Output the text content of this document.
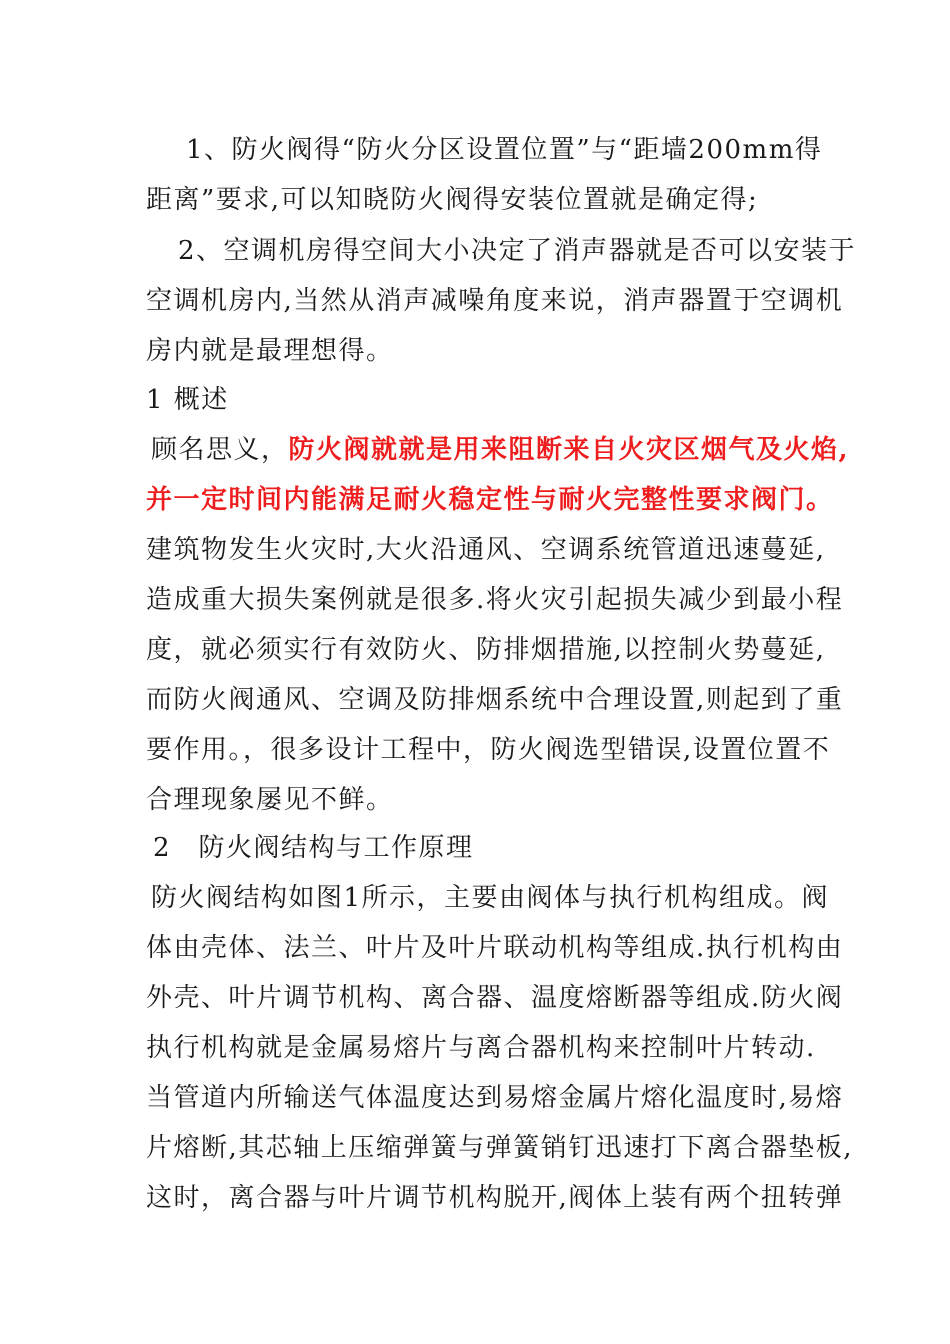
1、防火阀得“防火分区设置位置”与“距墙200mm得
距离”要求,可以知晓防火阀得安装位置就是确定得;
2、空调机房得空间大小决定了消声器就是否可以安装于
空调机房内,当然从消声减噪角度来说，消声器置于空调机
房内就是最理想得。
1 概述
顾名思义，防火阀就就是用来阻断来自火灾区烟气及火焰,
并一定时间内能满足耐火稳定性与耐火完整性要求阀门。
建筑物发生火灾时,大火沿通风、空调系统管道迅速蔓延,
造成重大损失案例就是很多.将火灾引起损失减少到最小程
度，就必须实行有效防火、防排烟措施,以控制火势蔓延,
而防火阀通风、空调及防排烟系统中合理设置,则起到了重
要作用。，很多设计工程中，防火阀选型错误,设置位置不
合理现象屡见不鲜。
2　防火阀结构与工作原理
防火阀结构如图1所示，主要由阀体与执行机构组成。阀
体由壳体、法兰、叶片及叶片联动机构等组成.执行机构由
外壳、叶片调节机构、离合器、温度熔断器等组成.防火阀
执行机构就是金属易熔片与离合器机构来控制叶片转动.
当管道内所输送气体温度达到易熔金属片熔化温度时,易熔
片熔断,其芯轴上压缩弹簧与弹簧销钉迅速打下离合器垫板,
这时，离合器与叶片调节机构脱开,阀体上装有两个扭转弹
